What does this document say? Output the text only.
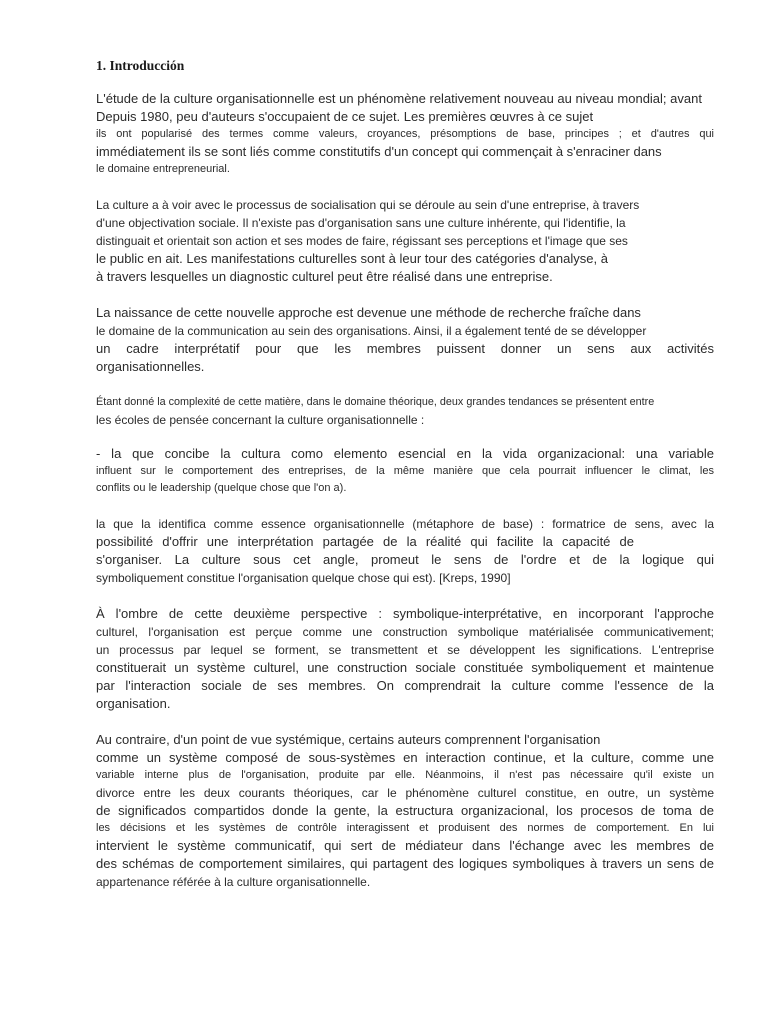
1. Introducción
L'étude de la culture organisationnelle est un phénomène relativement nouveau au niveau mondial; avant
Depuis 1980, peu d'auteurs s'occupaient de ce sujet. Les premières œuvres à ce sujet
ils ont popularisé des termes comme valeurs, croyances, présomptions de base, principes ; et d'autres qui
immédiatement ils se sont liés comme constitutifs d'un concept qui commençait à s'enraciner dans
le domaine entrepreneurial.
La culture a à voir avec le processus de socialisation qui se déroule au sein d'une entreprise, à travers
d'une objectivation sociale. Il n'existe pas d'organisation sans une culture inhérente, qui l'identifie, la
distinguait et orientait son action et ses modes de faire, régissant ses perceptions et l'image que ses
le public en ait. Les manifestations culturelles sont à leur tour des catégories d'analyse, à
à travers lesquelles un diagnostic culturel peut être réalisé dans une entreprise.
La naissance de cette nouvelle approche est devenue une méthode de recherche fraîche dans
le domaine de la communication au sein des organisations. Ainsi, il a également tenté de se développer
un cadre interprétatif pour que les membres puissent donner un sens aux activités
organisationnelles.
Étant donné la complexité de cette matière, dans le domaine théorique, deux grandes tendances se présentent entre
les écoles de pensée concernant la culture organisationnelle :
- la que concibe la cultura como elemento esencial en la vida organizacional: una variable
influent sur le comportement des entreprises, de la même manière que cela pourrait influencer le climat, les
conflits ou le leadership (quelque chose que l'on a).
la que la identifica comme essence organisationnelle (métaphore de base) : formatrice de sens, avec la
possibilité d'offrir une interprétation partagée de la réalité qui facilite la capacité de
s'organiser. La culture sous cet angle, promeut le sens de l'ordre et de la logique qui
symboliquement constitue l'organisation quelque chose qui est). [Kreps, 1990]
À l'ombre de cette deuxième perspective : symbolique-interprétative, en incorporant l'approche
culturel, l'organisation est perçue comme une construction symbolique matérialisée communicativement;
un processus par lequel se forment, se transmettent et se développent les significations. L'entreprise
constituerait un système culturel, une construction sociale constituée symboliquement et maintenue
par l'interaction sociale de ses membres. On comprendrait la culture comme l'essence de la
organisation.
Au contraire, d'un point de vue systémique, certains auteurs comprennent l'organisation
comme un système composé de sous-systèmes en interaction continue, et la culture, comme une
variable interne plus de l'organisation, produite par elle. Néanmoins, il n'est pas nécessaire qu'il existe un
divorce entre les deux courants théoriques, car le phénomène culturel constitue, en outre, un système
de significados compartidos donde la gente, la estructura organizacional, los procesos de toma de
les décisions et les systèmes de contrôle interagissent et produisent des normes de comportement. En lui
intervient le système communicatif, qui sert de médiateur dans l'échange avec les membres de
des schémas de comportement similaires, qui partagent des logiques symboliques à travers un sens de
appartenance référée à la culture organisationnelle.
